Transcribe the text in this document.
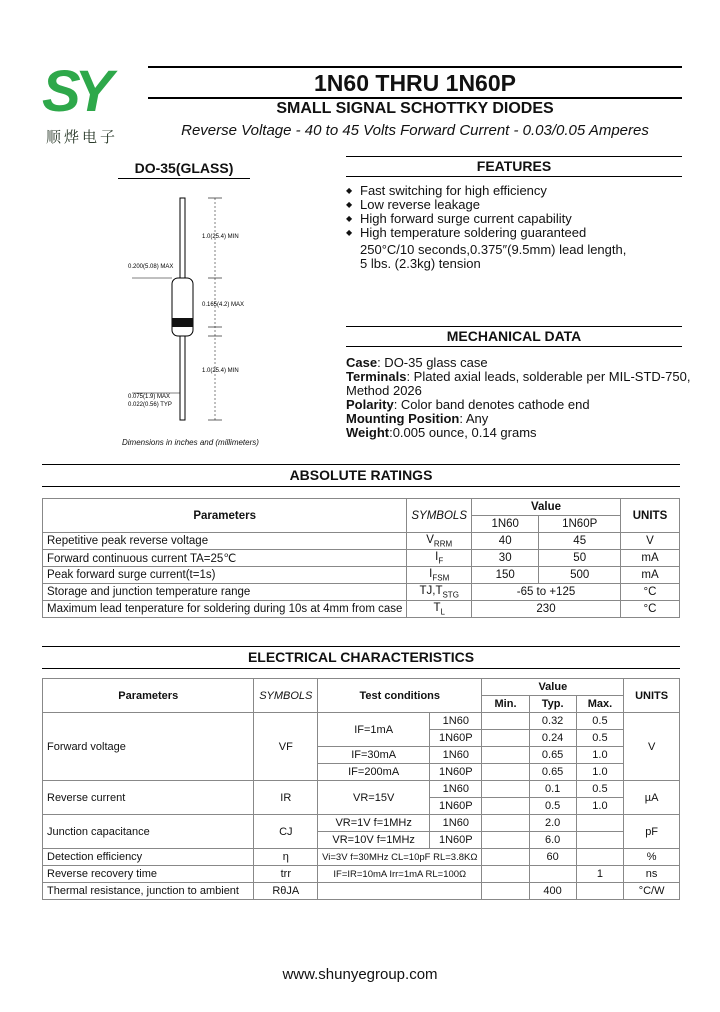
SY
顺烨电子
1N60 THRU 1N60P
SMALL SIGNAL SCHOTTKY DIODES
Reverse Voltage - 40 to 45 Volts Forward Current - 0.03/0.05 Amperes
DO-35(GLASS)
1.0(25.4) MIN
0.200(5.08) MAX
0.165(4.2) MAX
1.0(25.4) MIN
0.075(1.9) MAX
0.022(0.56) TYP
Dimensions in inches and (millimeters)
FEATURES
◆ Fast switching for high efficiency
◆ Low reverse leakage
◆ High forward surge current capability
◆ High temperature soldering guaranteed
250°C/10 seconds,0.375″(9.5mm) lead length,
5 lbs. (2.3kg) tension
MECHANICAL DATA
Case: DO-35 glass case
Terminals: Plated axial leads, solderable per MIL-STD-750,
Method 2026
Polarity: Color band denotes cathode end
Mounting Position: Any
Weight:0.005 ounce, 0.14 grams
ABSOLUTE RATINGS
Parameters	SYMBOLS	Value		UNITS
		1N60	1N60P	
Repetitive peak reverse voltage	$V_{RRM}$	40	45	V
Forward continuous current TA=25℃	$I_F$	30	50	mA
Peak forward surge current(t=1s)	$I_{FSM}$	150	500	mA
Storage and junction temperature range	$TJ,T_{STG}$	-65 to +125		°C
Maximum lead tenperature for soldering during 10s at 4mm from case	$T_L$	230		°C
ELECTRICAL CHARACTERISTICS
Parameters	SYMBOLS	Test conditions		Value			UNITS
				Min.	Typ.	Max.	
Forward voltage	VF	IF=1mA	1N60		0.32	0.5	V
			1N60P		0.24	0.5	
		IF=30mA	1N60		0.65	1.0	
		IF=200mA	1N60P		0.65	1.0	
Reverse current	IR	VR=15V	1N60		0.1	0.5	µA
			1N60P		0.5	1.0	
Junction capacitance	CJ	VR=1V f=1MHz	1N60		2.0		pF
		VR=10V f=1MHz	1N60P		6.0		
Detection efficiency	η	Vi=3V f=30MHz CL=10pF RL=3.8KΩ			60		%
Reverse recovery time	trr	IF=IR=10mA Irr=1mA RL=100Ω				1	ns
Thermal resistance, junction to ambient	RθJA				400		°C/W
www.shunyegroup.com
